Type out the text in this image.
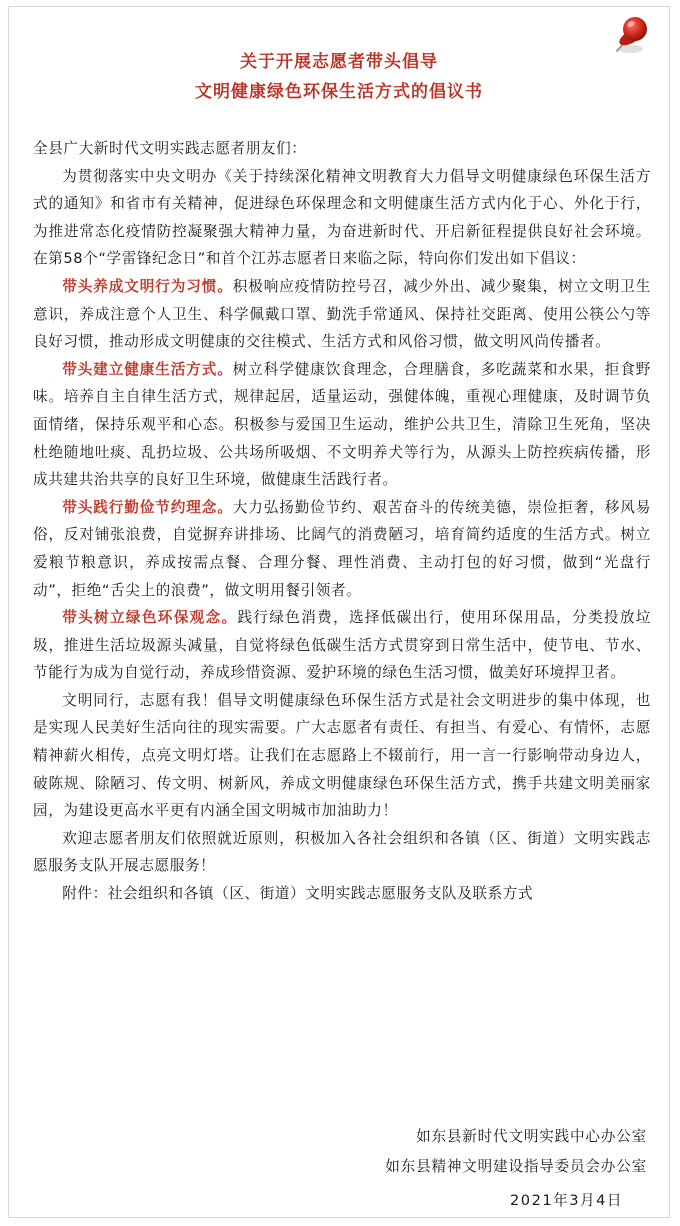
关于开展志愿者带头倡导
文明健康绿色环保生活方式的倡议书

全县广大新时代文明实践志愿者朋友们：

为贯彻落实中央文明办《关于持续深化精神文明教育大力倡导文明健康绿色环保生活方式的通知》和省市有关精神，促进绿色环保理念和文明健康生活方式内化于心、外化于行，为推进常态化疫情防控凝聚强大精神力量，为奋进新时代、开启新征程提供良好社会环境。在第58个“学雷锋纪念日”和首个江苏志愿者日来临之际，特向你们发出如下倡议：

带头养成文明行为习惯。积极响应疫情防控号召，减少外出、减少聚集，树立文明卫生意识，养成注意个人卫生、科学佩戴口罩、勤洗手常通风、保持社交距离、使用公筷公勺等良好习惯，推动形成文明健康的交往模式、生活方式和风俗习惯，做文明风尚传播者。

带头建立健康生活方式。树立科学健康饮食理念，合理膳食，多吃蔬菜和水果，拒食野味。培养自主自律生活方式，规律起居，适量运动，强健体魄，重视心理健康，及时调节负面情绪，保持乐观平和心态。积极参与爱国卫生运动，维护公共卫生，清除卫生死角，坚决杜绝随地吐痰、乱扔垃圾、公共场所吸烟、不文明养犬等行为，从源头上防控疾病传播，形成共建共治共享的良好卫生环境，做健康生活践行者。

带头践行勤俭节约理念。大力弘扬勤俭节约、艰苦奋斗的传统美德，崇俭拒奢，移风易俗，反对铺张浪费，自觉摒弃讲排场、比阔气的消费陋习，培育简约适度的生活方式。树立爱粮节粮意识，养成按需点餐、合理分餐、理性消费、主动打包的好习惯，做到“光盘行动”，拒绝“舌尖上的浪费”，做文明用餐引领者。

带头树立绿色环保观念。践行绿色消费，选择低碳出行，使用环保用品，分类投放垃圾，推进生活垃圾源头减量，自觉将绿色低碳生活方式贯穿到日常生活中，使节电、节水、节能行为成为自觉行动，养成珍惜资源、爱护环境的绿色生活习惯，做美好环境捍卫者。

文明同行，志愿有我！倡导文明健康绿色环保生活方式是社会文明进步的集中体现，也是实现人民美好生活向往的现实需要。广大志愿者有责任、有担当、有爱心、有情怀，志愿精神薪火相传，点亮文明灯塔。让我们在志愿路上不辍前行，用一言一行影响带动身边人，破陈规、除陋习、传文明、树新风，养成文明健康绿色环保生活方式，携手共建文明美丽家园，为建设更高水平更有内涵全国文明城市加油助力！

欢迎志愿者朋友们依照就近原则，积极加入各社会组织和各镇（区、街道）文明实践志愿服务支队开展志愿服务！

附件：社会组织和各镇（区、街道）文明实践志愿服务支队及联系方式

如东县新时代文明实践中心办公室
如东县精神文明建设指导委员会办公室
2021年3月4日
